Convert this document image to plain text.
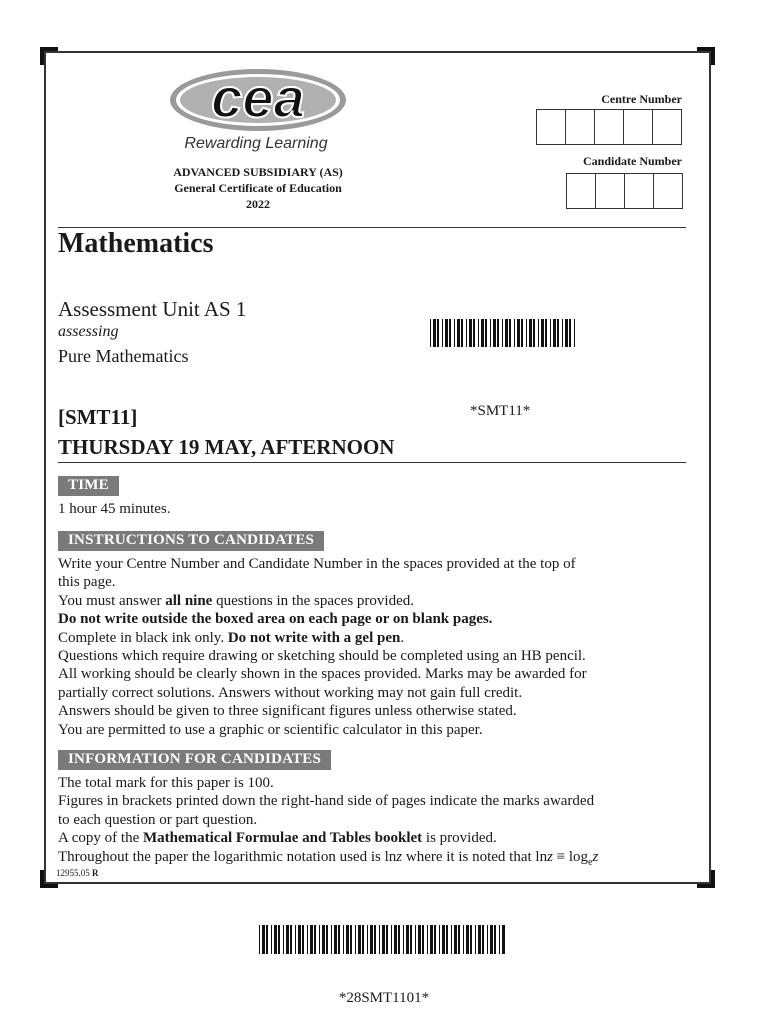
cea
Rewarding Learning
ADVANCED SUBSIDIARY (AS)
General Certificate of Education
2022
Centre Number
Candidate Number
Mathematics
Assessment Unit AS 1
assessing
Pure Mathematics
*SMT11*
[SMT11]
THURSDAY 19 MAY, AFTERNOON
TIME

1 hour 45 minutes.

INSTRUCTIONS TO CANDIDATES

Write your Centre Number and Candidate Number in the spaces provided at the top of

this page.

You must answer all nine questions in the spaces provided.

Do not write outside the boxed area on each page or on blank pages.

Complete in black ink only. Do not write with a gel pen.

Questions which require drawing or sketching should be completed using an HB pencil.

All working should be clearly shown in the spaces provided. Marks may be awarded for

partially correct solutions. Answers without working may not gain full credit.

Answers should be given to three significant figures unless otherwise stated.

You are permitted to use a graphic or scientific calculator in this paper.

INFORMATION FOR CANDIDATES

The total mark for this paper is 100.

Figures in brackets printed down the right-hand side of pages indicate the marks awarded

to each question or part question.

A copy of the Mathematical Formulae and Tables booklet is provided.

Throughout the paper the logarithmic notation used is lnz where it is noted that $\ln z \equiv \log_ez$

12955.05 R
*28SMT1101*
